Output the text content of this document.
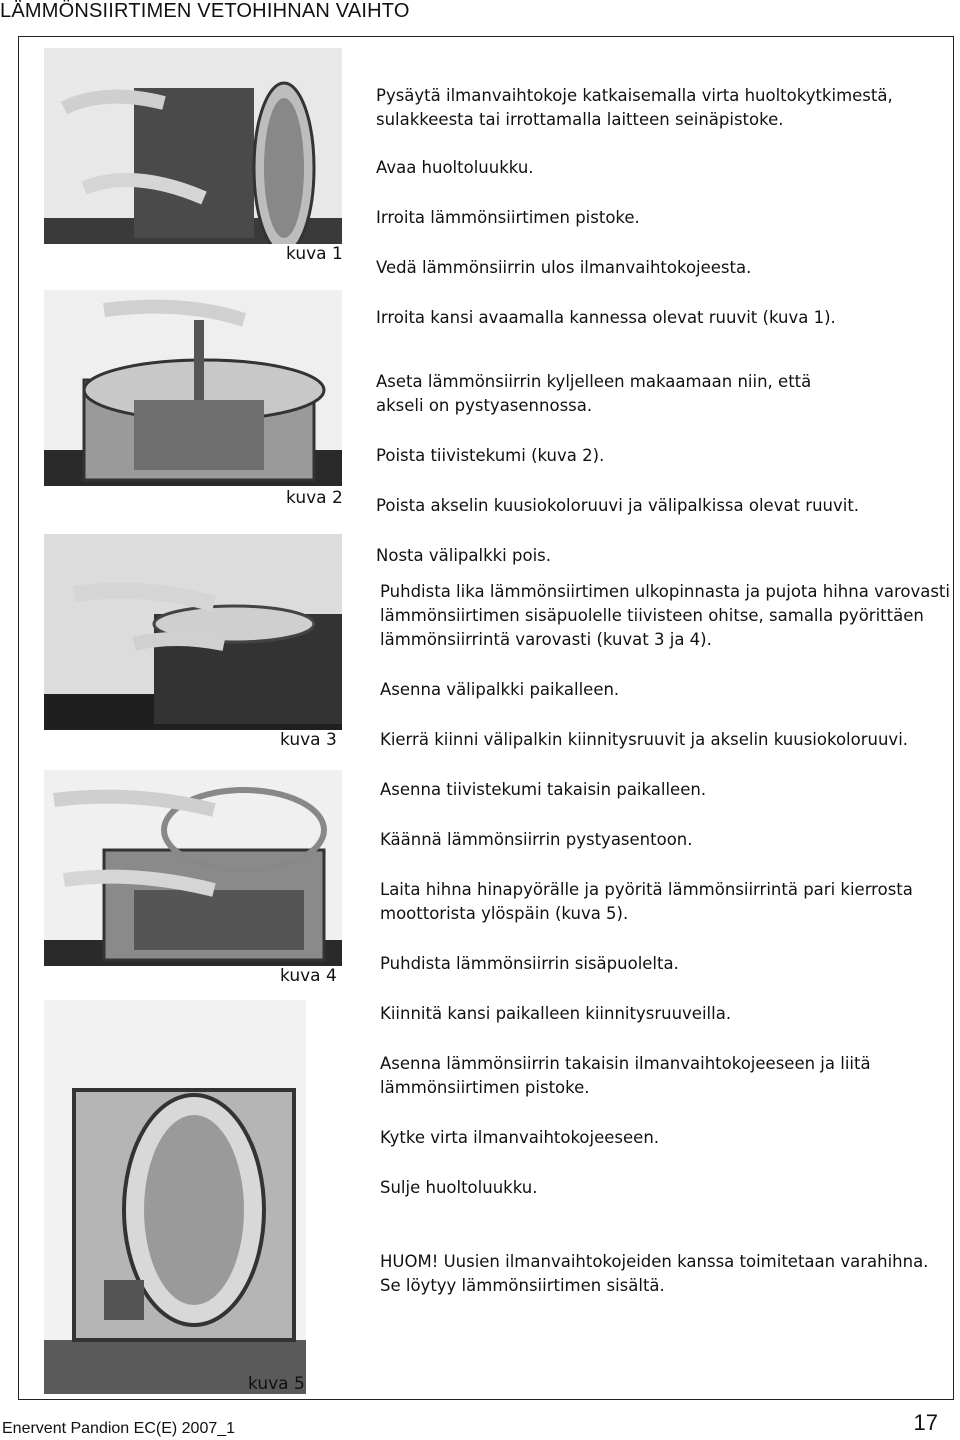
LÄMMÖNSIIRTIMEN VETOHIHNAN VAIHTO
kuva 1
kuva 2
kuva 3
kuva 4
kuva 5
Pysäytä ilmanvaihtokoje katkaisemalla virta huoltokytkimestä, sulakkeesta tai irrottamalla laitteen seinäpistoke.
Avaa huoltoluukku.
Irroita lämmönsiirtimen pistoke.
Vedä lämmönsiirrin ulos ilmanvaihtokojeesta.
Irroita kansi avaamalla kannessa olevat ruuvit (kuva 1).
Aseta lämmönsiirrin kyljelleen makaamaan niin, että akseli on pystyasennossa.
Poista tiivistekumi (kuva 2).
Poista akselin kuusiokoloruuvi ja välipalkissa olevat ruuvit.
Nosta välipalkki pois.
Puhdista lika lämmönsiirtimen ulkopinnasta ja pujota hihna varovasti lämmönsiirtimen sisäpuolelle tiivisteen ohitse, samalla pyörittäen lämmönsiirrintä varovasti (kuvat 3 ja 4).
Asenna välipalkki paikalleen.
Kierrä kiinni välipalkin kiinnitysruuvit ja akselin kuusiokoloruuvi.
Asenna tiivistekumi takaisin paikalleen.
Käännä lämmönsiirrin pystyasentoon.
Laita hihna hinapyörälle ja pyöritä lämmönsiirrintä pari kierrosta moottorista ylöspäin (kuva 5).
Puhdista lämmönsiirrin sisäpuolelta.
Kiinnitä kansi paikalleen kiinnitysruuveilla.
Asenna lämmönsiirrin takaisin ilmanvaihtokojeeseen ja liitä lämmönsiirtimen pistoke.
Kytke virta ilmanvaihtokojeeseen.
Sulje huoltoluukku.
HUOM! Uusien ilmanvaihtokojeiden kanssa toimitetaan varahihna. Se löytyy lämmönsiirtimen sisältä.
Enervent Pandion EC(E) 2007_1	17
